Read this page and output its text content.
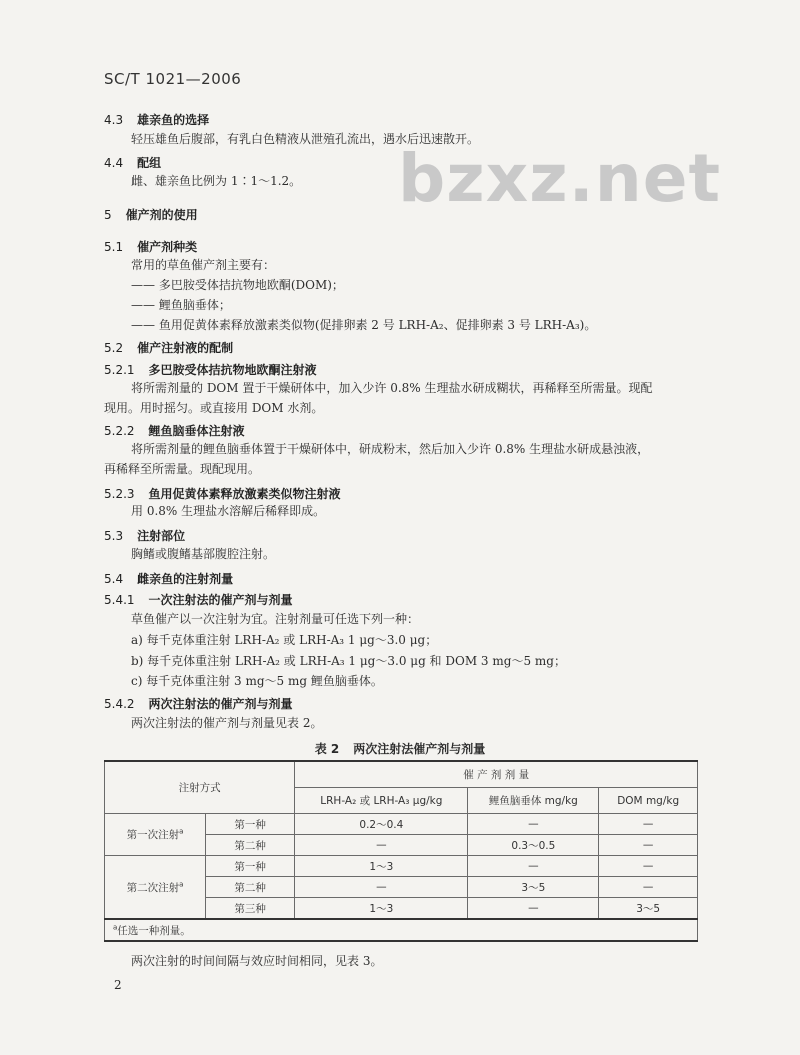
SC/T 1021—2006
bzxz.net
4.3 雄亲鱼的选择
轻压雄鱼后腹部，有乳白色精液从泄殖孔流出，遇水后迅速散开。
4.4 配组
雌、雄亲鱼比例为 1∶1～1.2。
5 催产剂的使用
5.1 催产剂种类
常用的草鱼催产剂主要有：
—— 多巴胺受体拮抗物地欧酮(DOM)；
—— 鲤鱼脑垂体；
—— 鱼用促黄体素释放激素类似物(促排卵素 2 号 LRH-A₂、促排卵素 3 号 LRH-A₃)。
5.2 催产注射液的配制
5.2.1 多巴胺受体拮抗物地欧酮注射液
将所需剂量的 DOM 置于干燥研体中，加入少许 0.8% 生理盐水研成糊状，再稀释至所需量。现配
现用。用时摇匀。或直接用 DOM 水剂。
5.2.2 鲤鱼脑垂体注射液
将所需剂量的鲤鱼脑垂体置于干燥研体中，研成粉末，然后加入少许 0.8% 生理盐水研成悬浊液，
再稀释至所需量。现配现用。
5.2.3 鱼用促黄体素释放激素类似物注射液
用 0.8% 生理盐水溶解后稀释即成。
5.3 注射部位
胸鳍或腹鳍基部腹腔注射。
5.4 雌亲鱼的注射剂量
5.4.1 一次注射法的催产剂与剂量
草鱼催产以一次注射为宜。注射剂量可任选下列一种：
a) 每千克体重注射 LRH-A₂ 或 LRH-A₃ 1 μg～3.0 μg；
b) 每千克体重注射 LRH-A₂ 或 LRH-A₃ 1 μg～3.0 μg 和 DOM 3 mg～5 mg；
c) 每千克体重注射 3 mg～5 mg 鲤鱼脑垂体。
5.4.2 两次注射法的催产剂与剂量
两次注射法的催产剂与剂量见表 2。
表 2 两次注射法催产剂与剂量
注射方式		催 产 剂 剂 量		
		LRH-A₂ 或 LRH-A₃ μg/kg	鲤鱼脑垂体 mg/kg	DOM mg/kg
第一次注射$^a$	第一种	0.2～0.4	—	—
	第二种	—	0.3～0.5	—
第二次注射$^a$	第一种	1～3	—	—
	第二种	—	3～5	—
	第三种	1～3	—	3～5
$^a$任选一种剂量。				
两次注射的时间间隔与效应时间相同，见表 3。
2
